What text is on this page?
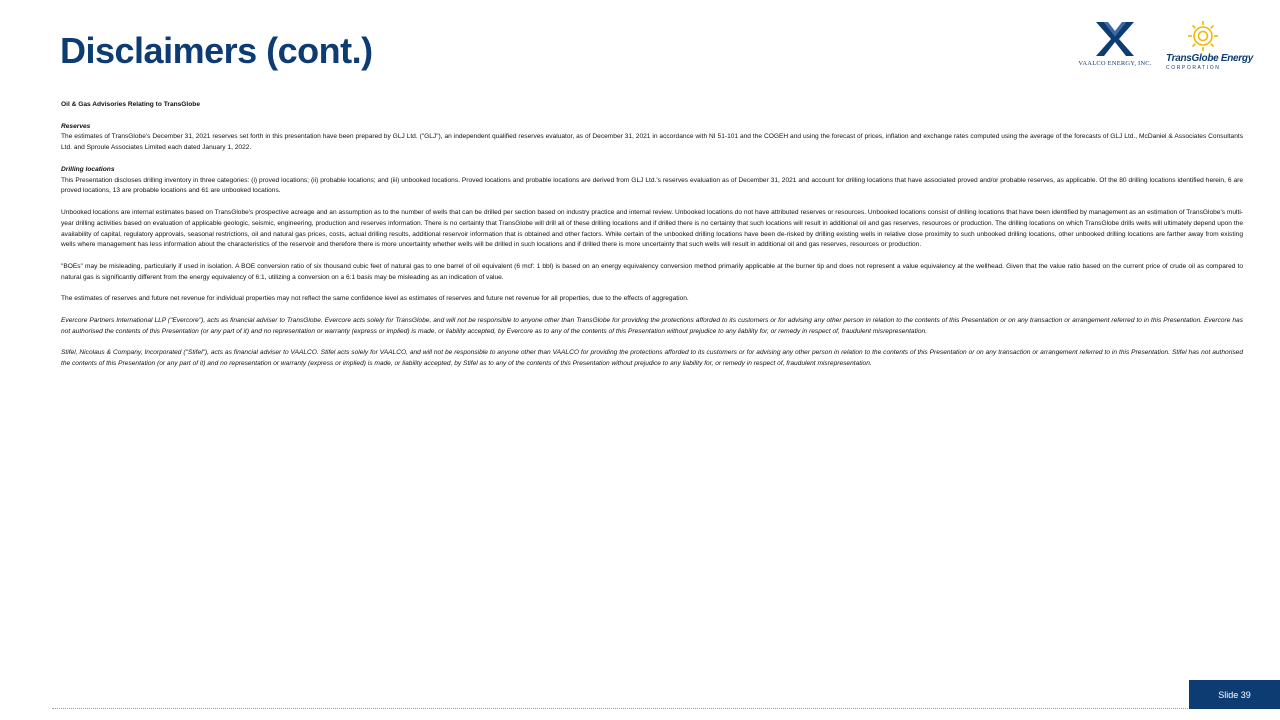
Disclaimers (cont.)	VAALCO ENERGY, INC.	TransGlobe Energy
CORPORATION

Oil & Gas Advisories Relating to TransGlobe

Reserves
The estimates of TransGlobe's December 31, 2021 reserves set forth in this presentation have been prepared by GLJ Ltd. ("GLJ"), an independent qualified reserves evaluator, as of December 31, 2021 in accordance with NI 51-101 and the COGEH and using the forecast of prices, inflation and exchange rates computed using the average of the forecasts of GLJ Ltd., McDaniel & Associates Consultants Ltd. and Sproule Associates Limited each dated January 1, 2022.

Drilling locations
This Presentation discloses drilling inventory in three categories: (i) proved locations; (ii) probable locations; and (iii) unbooked locations. Proved locations and probable locations are derived from GLJ Ltd.'s reserves evaluation as of December 31, 2021 and account for drilling locations that have associated proved and/or probable reserves, as applicable. Of the 80 drilling locations identified herein, 6 are proved locations, 13 are probable locations and 61 are unbooked locations.

Unbooked locations are internal estimates based on TransGlobe's prospective acreage and an assumption as to the number of wells that can be drilled per section based on industry practice and internal review. Unbooked locations do not have attributed reserves or resources. Unbooked locations consist of drilling locations that have been identified by management as an estimation of TransGlobe's multi-year drilling activities based on evaluation of applicable geologic, seismic, engineering, production and reserves information. There is no certainty that TransGlobe will drill all of these drilling locations and if drilled there is no certainty that such locations will result in additional oil and gas reserves, resources or production. The drilling locations on which TransGlobe drills wells will ultimately depend upon the availability of capital, regulatory approvals, seasonal restrictions, oil and natural gas prices, costs, actual drilling results, additional reservoir information that is obtained and other factors. While certain of the unbooked drilling locations have been de-risked by drilling existing wells in relative close proximity to such unbooked drilling locations, other unbooked drilling locations are farther away from existing wells where management has less information about the characteristics of the reservoir and therefore there is more uncertainty whether wells will be drilled in such locations and if drilled there is more uncertainty that such wells will result in additional oil and gas reserves, resources or production.

"BOEs" may be misleading, particularly if used in isolation. A BOE conversion ratio of six thousand cubic feet of natural gas to one barrel of oil equivalent (6 mcf: 1 bbl) is based on an energy equivalency conversion method primarily applicable at the burner tip and does not represent a value equivalency at the wellhead. Given that the value ratio based on the current price of crude oil as compared to natural gas is significantly different from the energy equivalency of 6:1, utilizing a conversion on a 6:1 basis may be misleading as an indication of value.

The estimates of reserves and future net revenue for individual properties may not reflect the same confidence level as estimates of reserves and future net revenue for all properties, due to the effects of aggregation.

Evercore Partners International LLP ("Evercore"), acts as financial adviser to TransGlobe. Evercore acts solely for TransGlobe, and will not be responsible to anyone other than TransGlobe for providing the protections afforded to its customers or for advising any other person in relation to the contents of this Presentation or on any transaction or arrangement referred to in this Presentation. Evercore has not authorised the contents of this Presentation (or any part of it) and no representation or warranty (express or implied) is made, or liability accepted, by Evercore as to any of the contents of this Presentation without prejudice to any liability for, or remedy in respect of, fraudulent misrepresentation.

Stifel, Nicolaus & Company, Incorporated ("Stifel"), acts as financial adviser to VAALCO. Stifel acts solely for VAALCO, and will not be responsible to anyone other than VAALCO for providing the protections afforded to its customers or for advising any other person in relation to the contents of this Presentation or on any transaction or arrangement referred to in this Presentation. Stifel has not authorised the contents of this Presentation (or any part of it) and no representation or warranty (express or implied) is made, or liability accepted, by Stifel as to any of the contents of this Presentation without prejudice to any liability for, or remedy in respect of, fraudulent misrepresentation.

Slide 39
